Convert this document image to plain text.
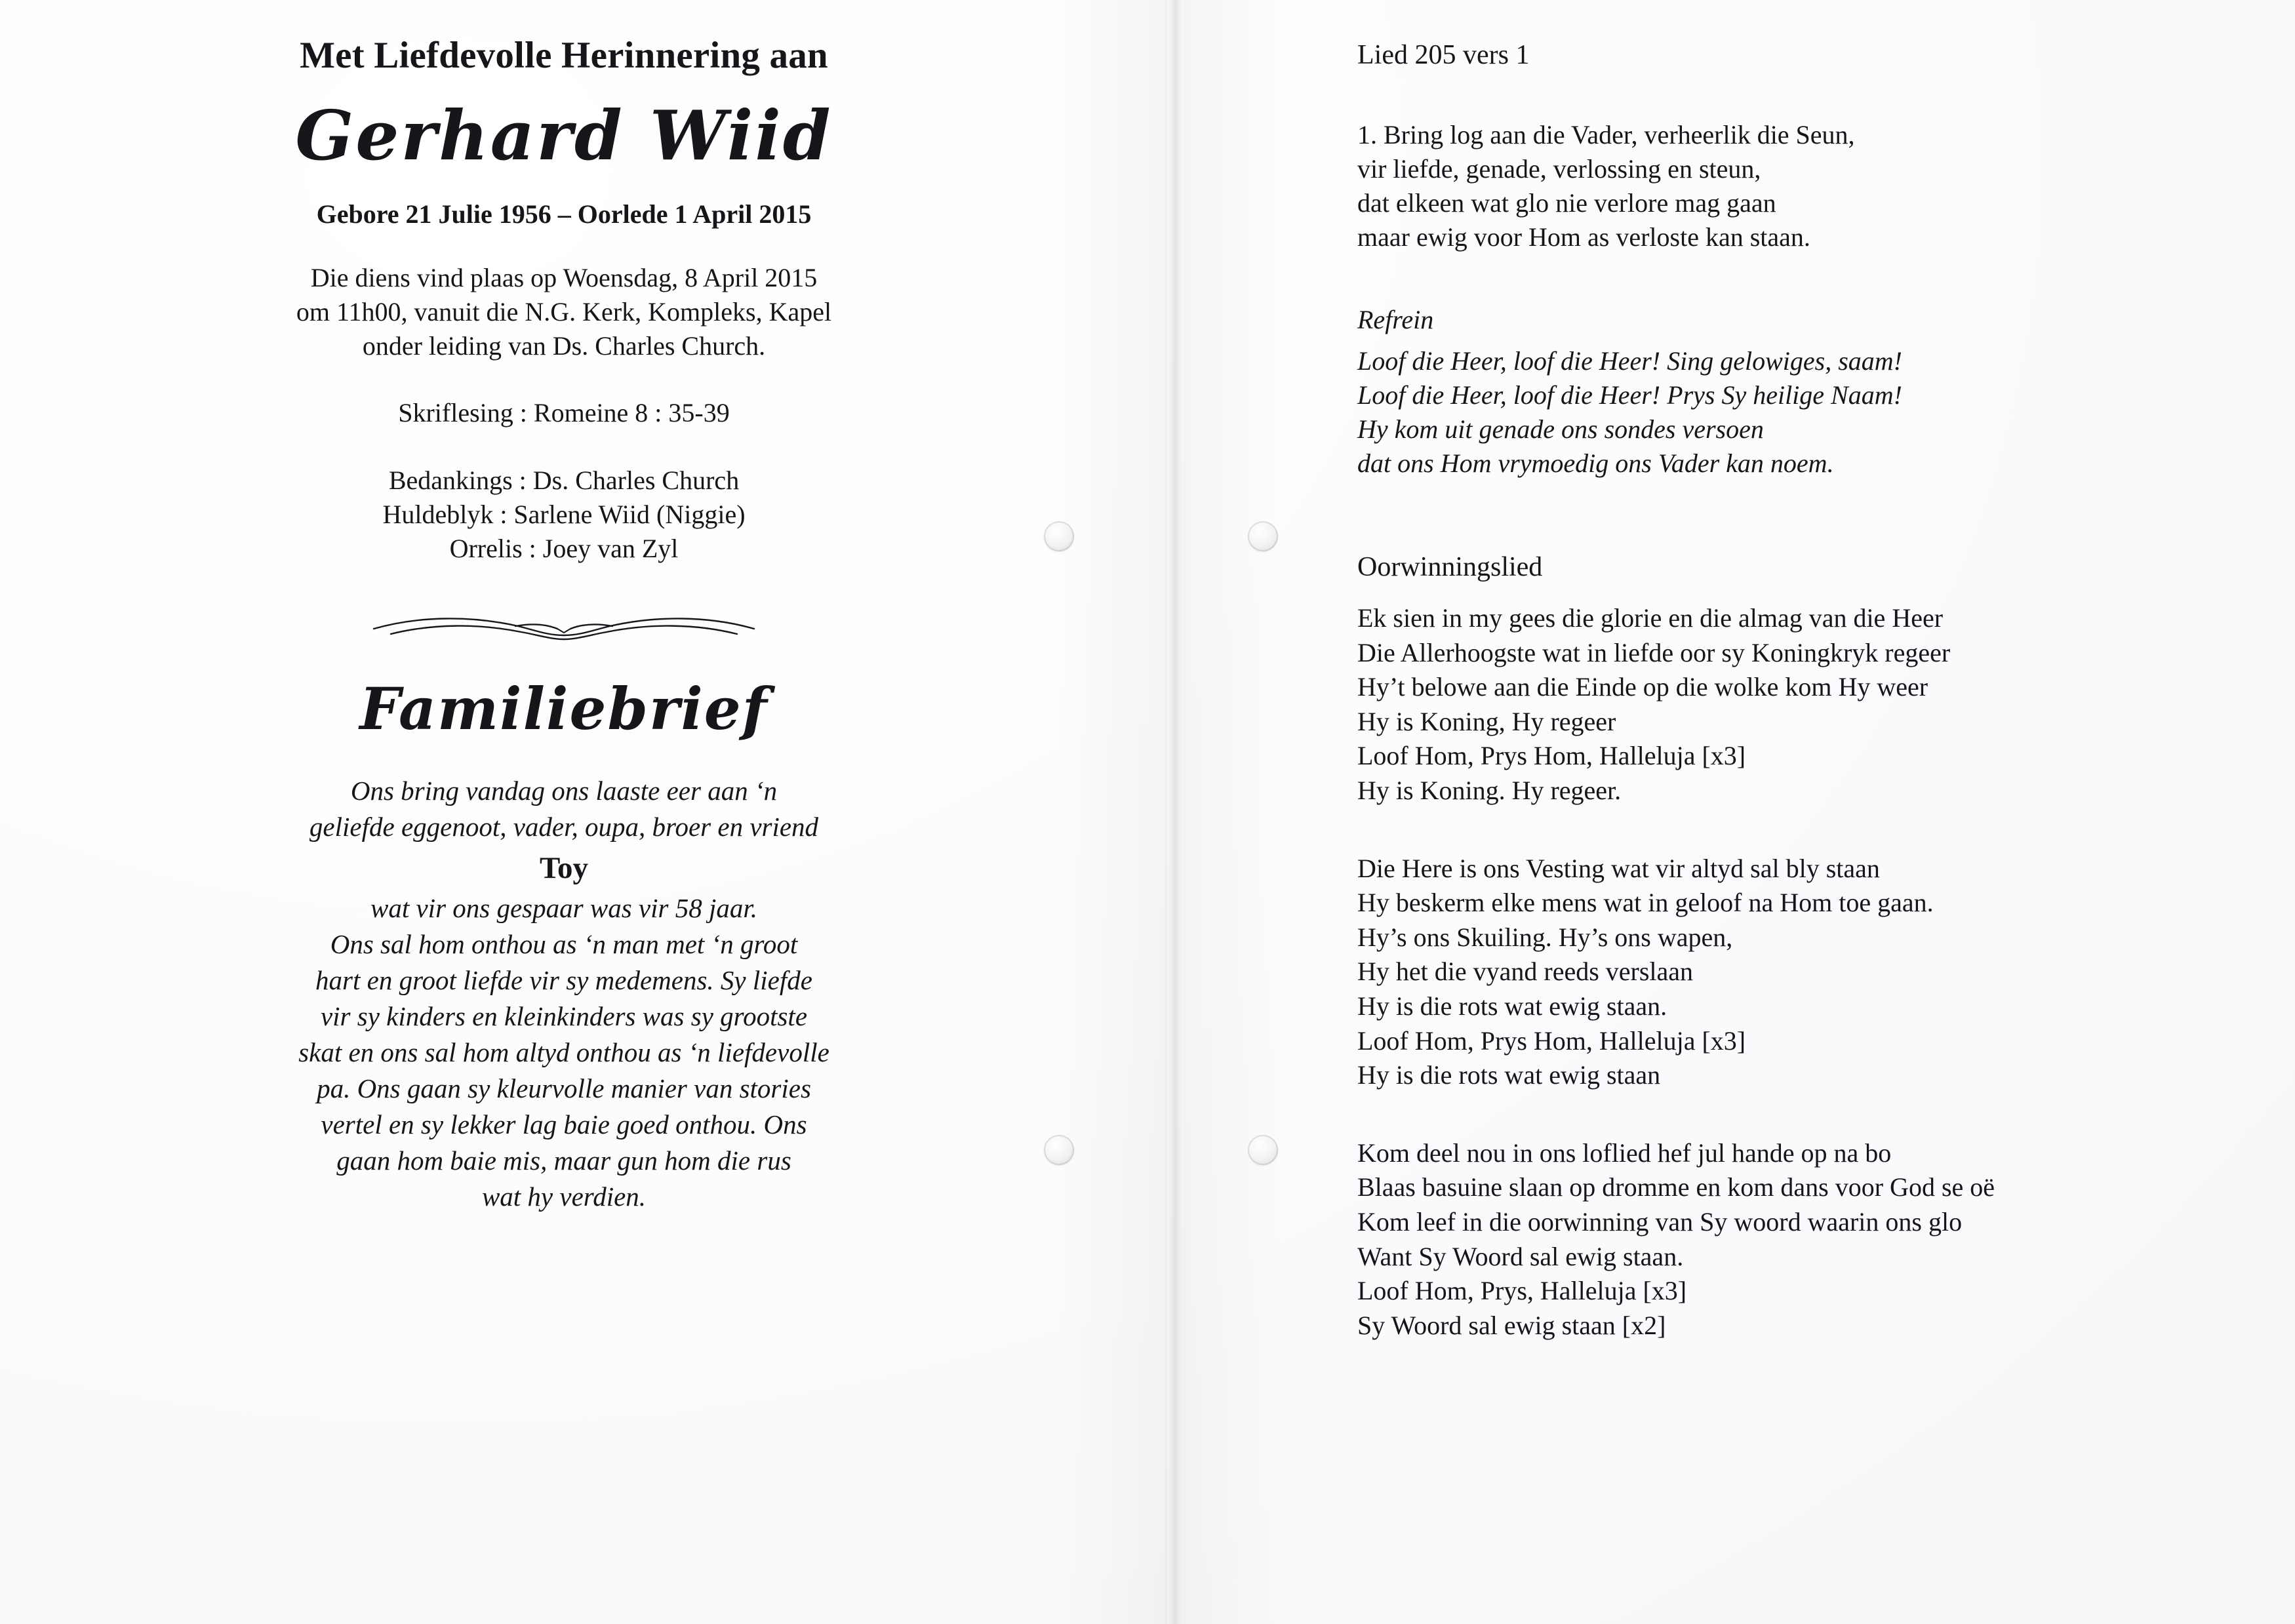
Met Liefdevolle Herinnering aan
Gerhard Wiid
Gebore 21 Julie 1956 – Oorlede 1 April 2015
Die diens vind plaas op Woensdag, 8 April 2015
om 11h00, vanuit die N.G. Kerk, Kompleks, Kapel
onder leiding van Ds. Charles Church.
Skriflesing : Romeine 8 : 35-39
Bedankings : Ds. Charles Church
Huldeblyk : Sarlene Wiid (Niggie)
Orrelis : Joey van Zyl
Familiebrief
Ons bring vandag ons laaste eer aan ‘n
geliefde eggenoot, vader, oupa, broer en vriend
Toy
wat vir ons gespaar was vir 58 jaar.
Ons sal hom onthou as ‘n man met ‘n groot
hart en groot liefde vir sy medemens. Sy liefde
vir sy kinders en kleinkinders was sy grootste
skat en ons sal hom altyd onthou as ‘n liefdevolle
pa. Ons gaan sy kleurvolle manier van stories
vertel en sy lekker lag baie goed onthou. Ons
gaan hom baie mis, maar gun hom die rus
wat hy verdien.
Lied 205 vers 1
1. Bring log aan die Vader, verheerlik die Seun,
vir liefde, genade, verlossing en steun,
dat elkeen wat glo nie verlore mag gaan
maar ewig voor Hom as verloste kan staan.
Refrein
Loof die Heer, loof die Heer! Sing gelowiges, saam!
Loof die Heer, loof die Heer! Prys Sy heilige Naam!
Hy kom uit genade ons sondes versoen
dat ons Hom vrymoedig ons Vader kan noem.
Oorwinningslied
Ek sien in my gees die glorie en die almag van die Heer
Die Allerhoogste wat in liefde oor sy Koningkryk regeer
Hy’t belowe aan die Einde op die wolke kom Hy weer
Hy is Koning, Hy regeer
Loof Hom, Prys Hom, Halleluja [x3]
Hy is Koning. Hy regeer.
Die Here is ons Vesting wat vir altyd sal bly staan
Hy beskerm elke mens wat in geloof na Hom toe gaan.
Hy’s ons Skuiling. Hy’s ons wapen,
Hy het die vyand reeds verslaan
Hy is die rots wat ewig staan.
Loof Hom, Prys Hom, Halleluja [x3]
Hy is die rots wat ewig staan
Kom deel nou in ons loflied hef jul hande op na bo
Blaas basuine slaan op dromme en kom dans voor God se oë
Kom leef in die oorwinning van Sy woord waarin ons glo
Want Sy Woord sal ewig staan.
Loof Hom, Prys, Halleluja [x3]
Sy Woord sal ewig staan [x2]
